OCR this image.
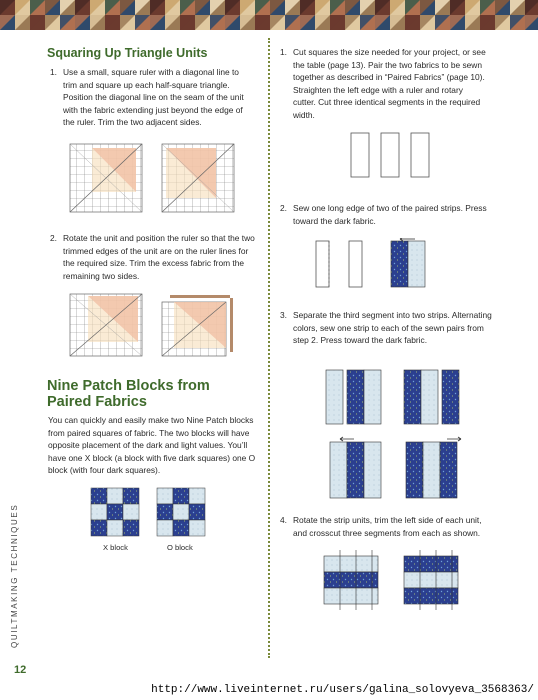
Squaring Up Triangle Units
1. Use a small, square ruler with a diagonal line to trim and square up each half-square triangle. Position the diagonal line on the seam of the unit with the fabric extending just beyond the edge of the ruler. Trim the two adjacent sides.
2. Rotate the unit and position the ruler so that the two trimmed edges of the unit are on the ruler lines for the required size. Trim the excess fabric from the remaining two sides.
Nine Patch Blocks from
Paired Fabrics
You can quickly and easily make two Nine Patch blocks from paired squares of fabric. The two blocks will have opposite placement of the dark and light values. You’ll have one X block (a block with five dark squares) one O block (with four dark squares).
X block	O block
1. Cut squares the size needed for your project, or see the table (page 13). Pair the two fabrics to be sewn together as described in “Paired Fabrics” (page 10). Straighten the left edge with a ruler and rotary cutter. Cut three identical segments in the required width.
2. Sew one long edge of two of the paired strips. Press toward the dark fabric.
3. Separate the third segment into two strips. Alternating colors, sew one strip to each of the sewn pairs from step 2. Press toward the dark fabric.
4. Rotate the strip units, trim the left side of each unit, and crosscut three segments from each as shown.
QUILTMAKING TECHNIQUES
12
http://www.liveinternet.ru/users/galina_solovyeva_3568363/
